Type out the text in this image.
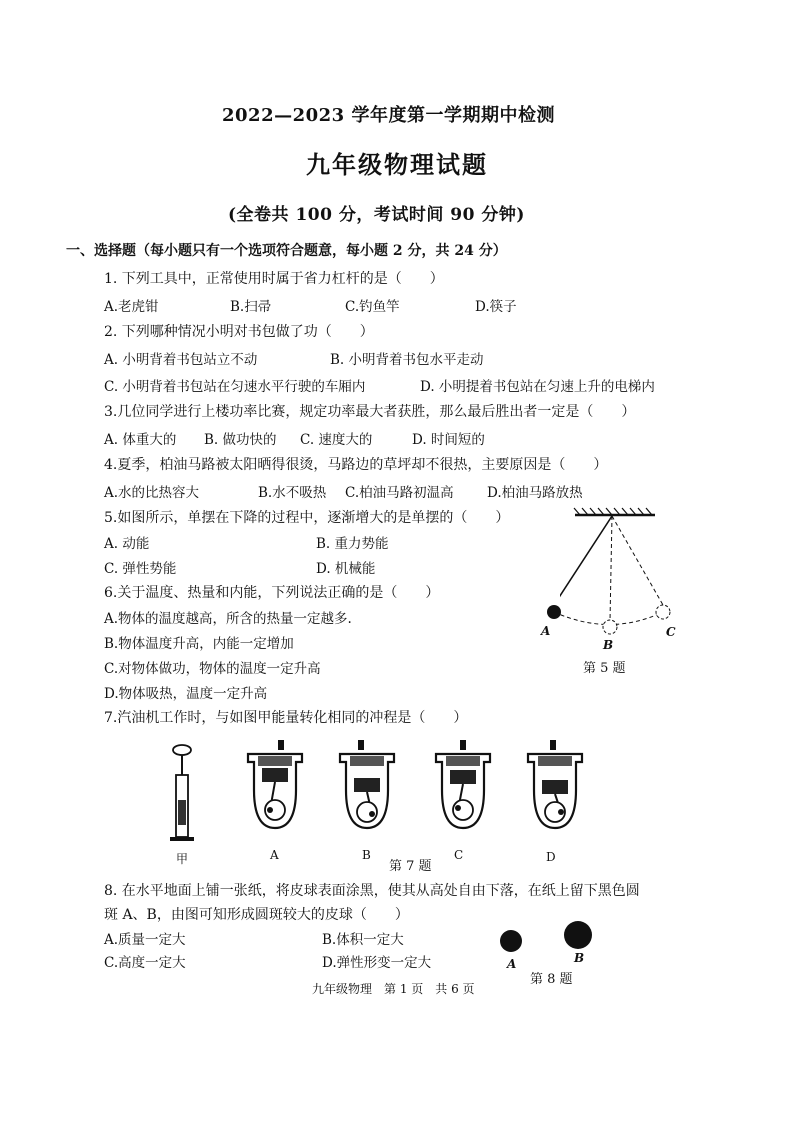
2022—2023 学年度第一学期期中检测
九年级物理试题
(全卷共 100 分，考试时间 90 分钟)
一、选择题（每小题只有一个选项符合题意，每小题 2 分，共 24 分）
1. 下列工具中，正常使用时属于省力杠杆的是（　　）
A.老虎钳	B.扫帚	C.钓鱼竿	D.筷子
2. 下列哪种情况小明对书包做了功（　　）
A. 小明背着书包站立不动	B. 小明背着书包水平走动
C. 小明背着书包站在匀速水平行驶的车厢内	D. 小明提着书包站在匀速上升的电梯内
3.几位同学进行上楼功率比赛，规定功率最大者获胜，那么最后胜出者一定是（　　）
A. 体重大的 B. 做功快的 C. 速度大的	D. 时间短的
4.夏季，柏油马路被太阳晒得很烫，马路边的草坪却不很热，主要原因是（　　）
A.水的比热容大	B.水不吸热 C.柏油马路初温高 D.柏油马路放热
5.如图所示，单摆在下降的过程中，逐渐增大的是单摆的（　　）
A. 动能	B. 重力势能
C. 弹性势能	D. 机械能
A
B
C
第 5 题
6.关于温度、热量和内能，下列说法正确的是（　　）
A.物体的温度越高，所含的热量一定越多.
B.物体温度升高，内能一定增加
C.对物体做功，物体的温度一定升高
D.物体吸热，温度一定升高
7.汽油机工作时，与如图甲能量转化相同的冲程是（　　）
甲	A	B
第 7 题
C	D
8. 在水平地面上铺一张纸，将皮球表面涂黑，使其从高处自由下落，在纸上留下黑色圆
斑 A、B，由图可知形成圆斑较大的皮球（　　）
A.质量一定大	B.体积一定大
C.高度一定大	D.弹性形变一定大	A	B
第 8 题
九年级物理　第 1 页　共 6 页
